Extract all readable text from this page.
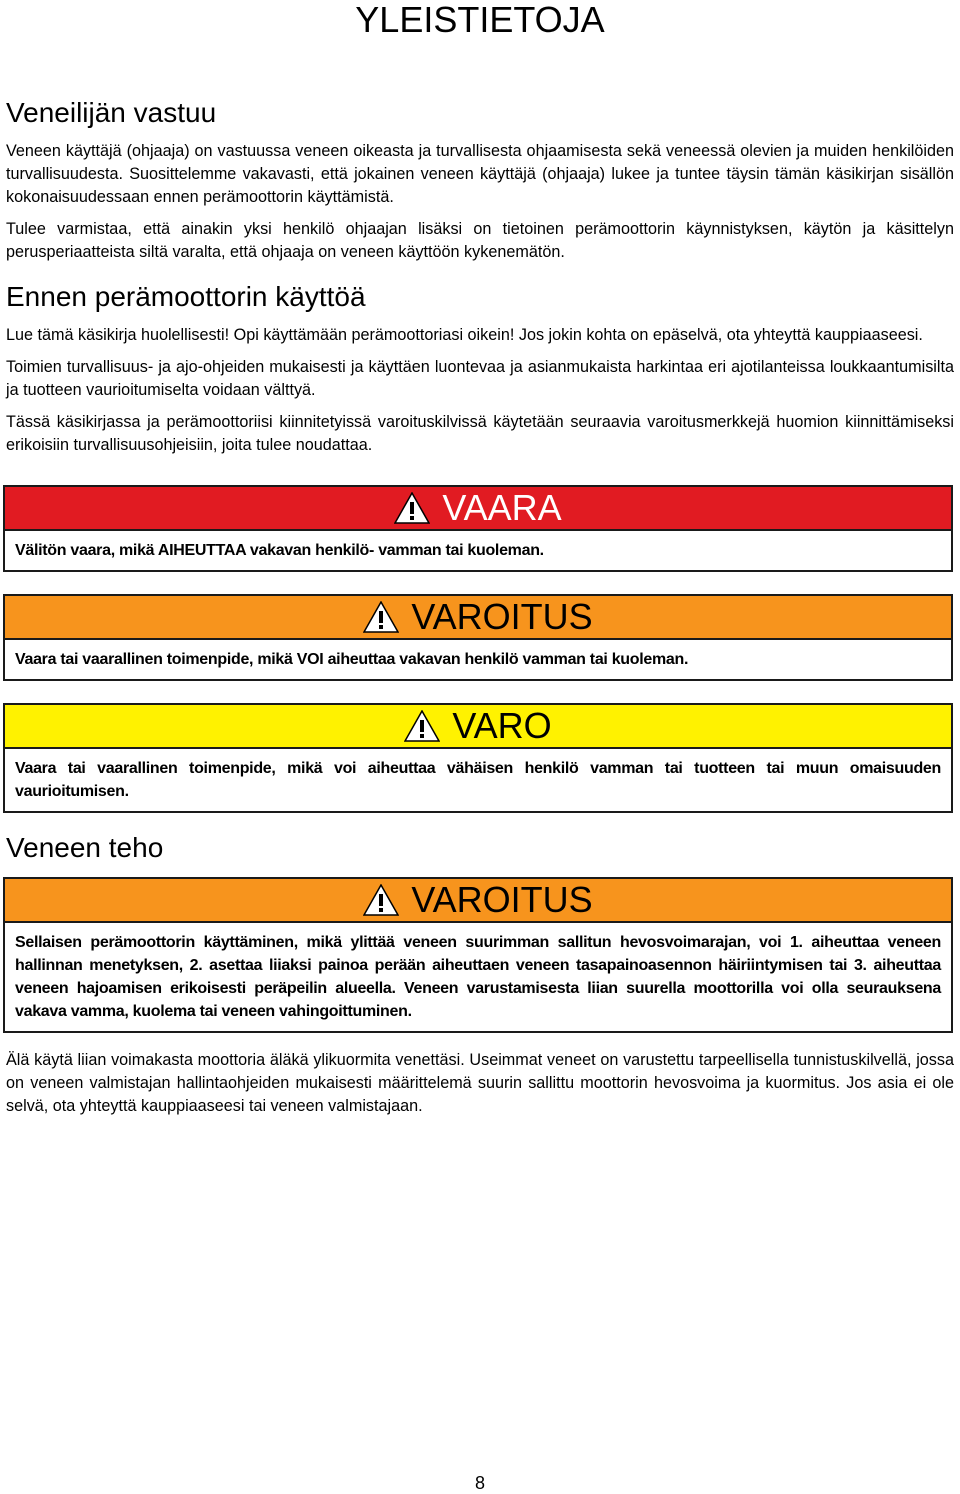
YLEISTIETOJA
Veneilijän vastuu

Veneen käyttäjä (ohjaaja) on vastuussa veneen oikeasta ja turvallisesta ohjaamisesta sekä veneessä olevien ja muiden henkilöiden turvallisuudesta. Suosittelemme vakavasti, että jokainen veneen käyttäjä (ohjaaja) lukee ja tuntee täysin tämän käsikirjan sisällön kokonaisuudessaan ennen perämoottorin käyttämistä.

Tulee varmistaa, että ainakin yksi henkilö ohjaajan lisäksi on tietoinen perämoottorin käynnistyksen, käytön ja käsittelyn perusperiaatteista siltä varalta, että ohjaaja on veneen käyttöön kykenemätön.

Ennen perämoottorin käyttöä

Lue tämä käsikirja huolellisesti! Opi käyttämään perämoottoriasi oikein! Jos jokin kohta on epäselvä, ota yhteyttä kauppiaaseesi.

Toimien turvallisuus- ja ajo-ohjeiden mukaisesti ja käyttäen luontevaa ja asianmukaista harkintaa eri ajotilanteissa loukkaantumisilta ja tuotteen vaurioitumiselta voidaan välttyä.

Tässä käsikirjassa ja perämoottoriisi kiinnitetyissä varoituskilvissä käytetään seuraavia varoitusmerkkejä huomion kiinnittämiseksi erikoisiin turvallisuusohjeisiin, joita tulee noudattaa.

VAARA
Välitön vaara, mikä AIHEUTTAA vakavan henkilö- vamman tai kuoleman.
VAROITUS
Vaara tai vaarallinen toimenpide, mikä VOI aiheuttaa vakavan henkilö vamman tai kuoleman.
VARO
Vaara tai vaarallinen toimenpide, mikä voi aiheuttaa vähäisen henkilö vamman tai tuotteen tai muun omaisuuden vaurioitumisen.
Veneen teho
VAROITUS
Sellaisen perämoottorin käyttäminen, mikä ylittää veneen suurimman sallitun hevosvoimarajan, voi 1. aiheuttaa veneen hallinnan menetyksen, 2. asettaa liiaksi painoa perään aiheuttaen veneen tasapainoasennon häiriintymisen tai 3. aiheuttaa veneen hajoamisen erikoisesti peräpeilin alueella. Veneen varustamisesta liian suurella moottorilla voi olla seurauksena vakava vamma, kuolema tai veneen vahingoittuminen.

Älä käytä liian voimakasta moottoria äläkä ylikuormita venettäsi. Useimmat veneet on varustettu tarpeellisella tunnistuskilvellä, jossa on veneen valmistajan hallintaohjeiden mukaisesti määrittelemä suurin sallittu moottorin hevosvoima ja kuormitus. Jos asia ei ole selvä, ota yhteyttä kauppiaaseesi tai veneen valmistajaan.

8
